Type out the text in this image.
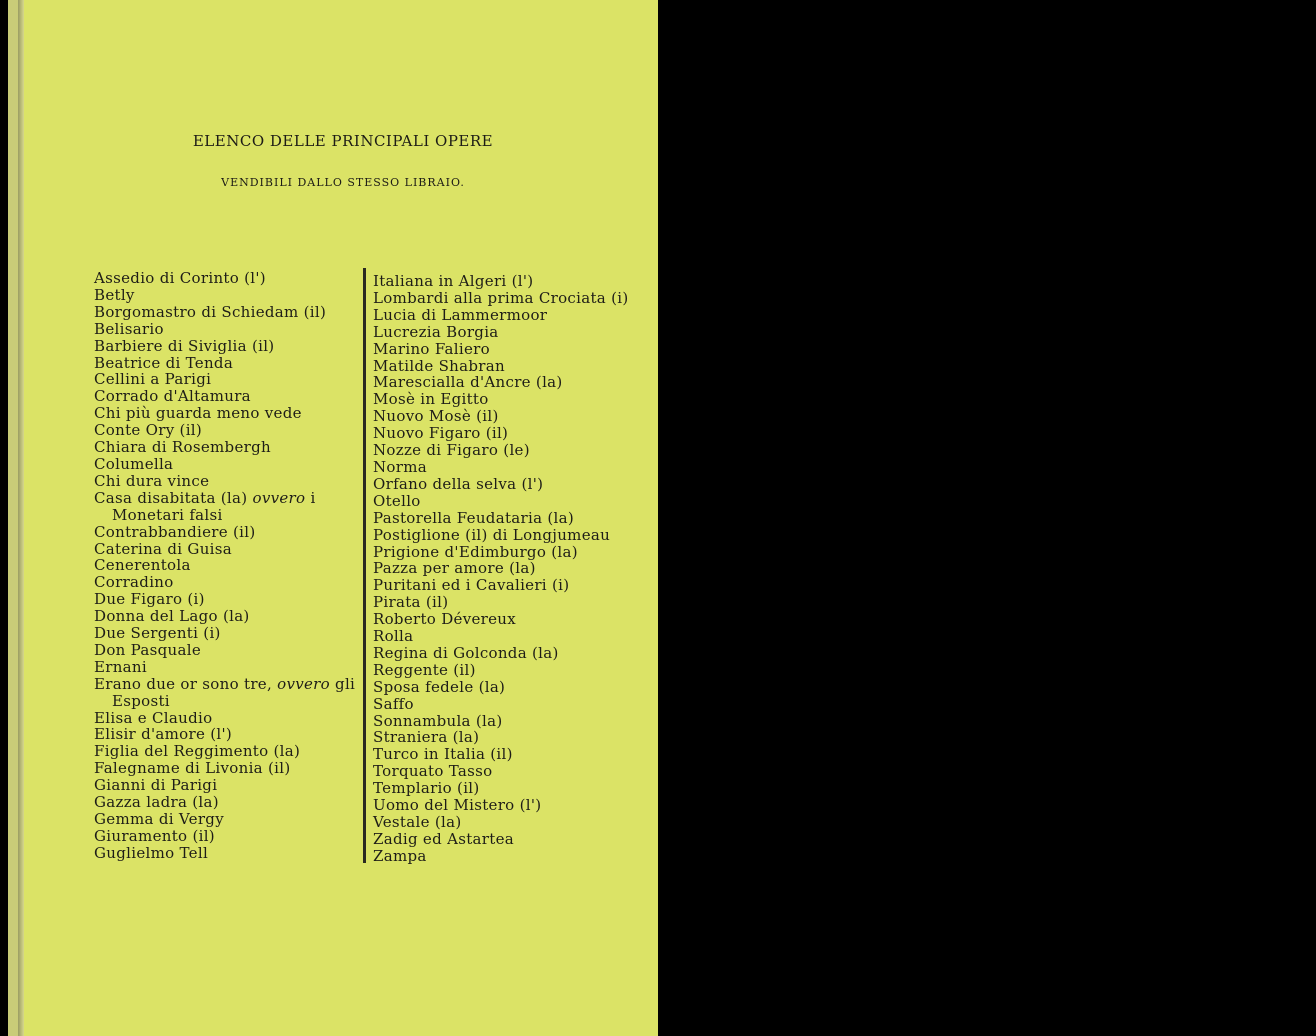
ELENCO DELLE PRINCIPALI OPERE
VENDIBILI DALLO STESSO LIBRAIO.
Assedio di Corinto (l')
Betly
Borgomastro di Schiedam (il)
Belisario
Barbiere di Siviglia (il)
Beatrice di Tenda
Cellini a Parigi
Corrado d'Altamura
Chi più guarda meno vede
Conte Ory (il)
Chiara di Rosembergh
Columella
Chi dura vince
Casa disabitata (la) ovvero i
Monetari falsi
Contrabbandiere (il)
Caterina di Guisa
Cenerentola
Corradino
Due Figaro (i)
Donna del Lago (la)
Due Sergenti (i)
Don Pasquale
Ernani
Erano due or sono tre, ovvero gli
Esposti
Elisa e Claudio
Elisir d'amore (l')
Figlia del Reggimento (la)
Falegname di Livonia (il)
Gianni di Parigi
Gazza ladra (la)
Gemma di Vergy
Giuramento (il)
Guglielmo Tell
Italiana in Algeri (l')
Lombardi alla prima Crociata (i)
Lucia di Lammermoor
Lucrezia Borgia
Marino Faliero
Matilde Shabran
Marescialla d'Ancre (la)
Mosè in Egitto
Nuovo Mosè (il)
Nuovo Figaro (il)
Nozze di Figaro (le)
Norma
Orfano della selva (l')
Otello
Pastorella Feudataria (la)
Postiglione (il) di Longjumeau
Prigione d'Edimburgo (la)
Pazza per amore (la)
Puritani ed i Cavalieri (i)
Pirata (il)
Roberto Dévereux
Rolla
Regina di Golconda (la)
Reggente (il)
Sposa fedele (la)
Saffo
Sonnambula (la)
Straniera (la)
Turco in Italia (il)
Torquato Tasso
Templario (il)
Uomo del Mistero (l')
Vestale (la)
Zadig ed Astartea
Zampa
